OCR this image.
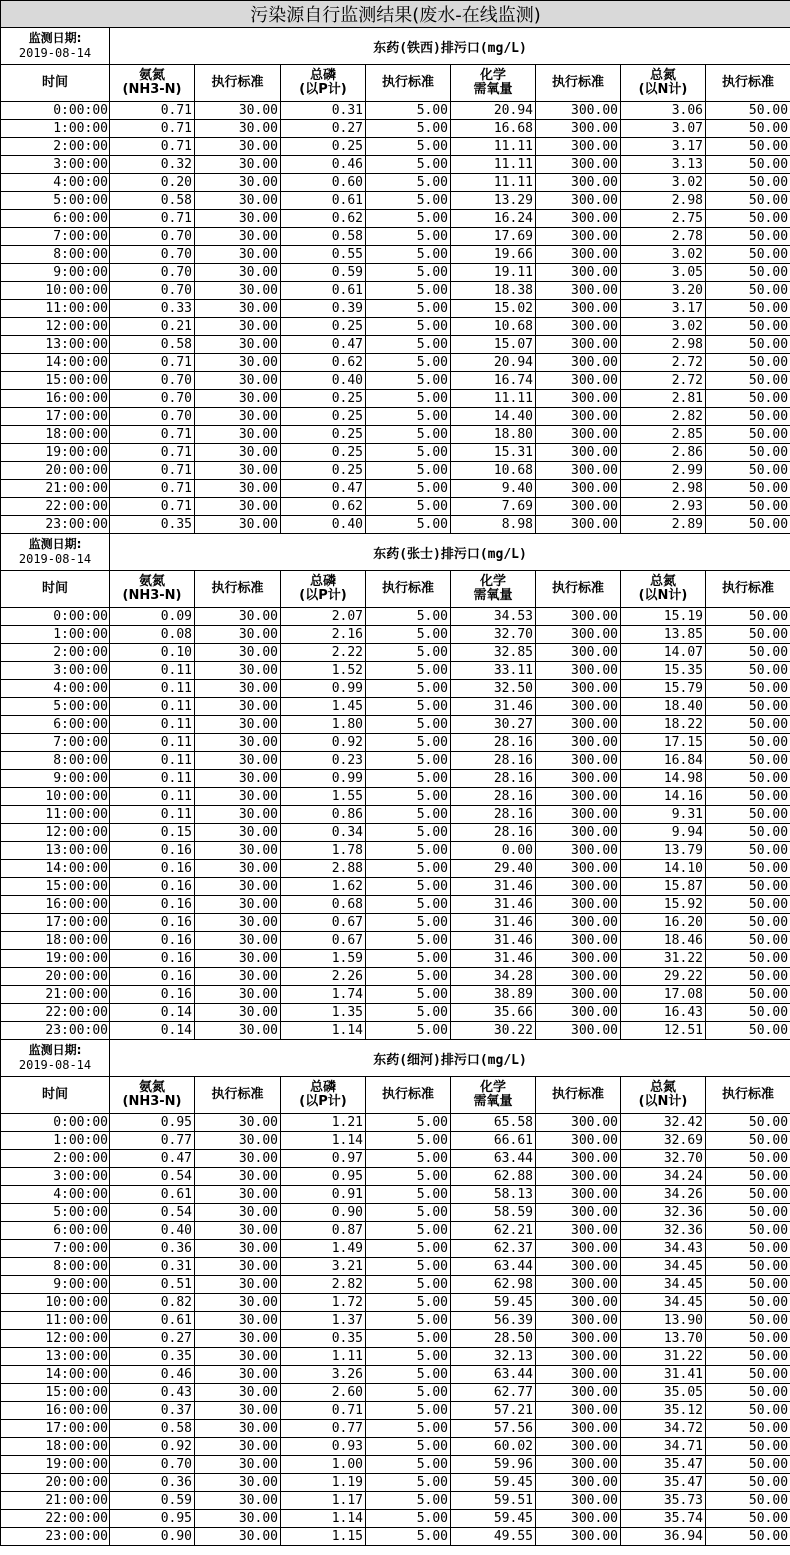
污染源自行监测结果(废水-在线监测)								

监测日期:
2019-08-14	东药(铁西)排污口(mg/L)							
时间	氨氮
(NH3-N)	执行标准	总磷
(以P计)	执行标准	化学
需氧量	执行标准	总氮
(以N计)	执行标准
0:00:00	0.71	30.00	0.31	5.00	20.94	300.00	3.06	50.00
1:00:00	0.71	30.00	0.27	5.00	16.68	300.00	3.07	50.00
2:00:00	0.71	30.00	0.25	5.00	11.11	300.00	3.17	50.00
3:00:00	0.32	30.00	0.46	5.00	11.11	300.00	3.13	50.00
4:00:00	0.20	30.00	0.60	5.00	11.11	300.00	3.02	50.00
5:00:00	0.58	30.00	0.61	5.00	13.29	300.00	2.98	50.00
6:00:00	0.71	30.00	0.62	5.00	16.24	300.00	2.75	50.00
7:00:00	0.70	30.00	0.58	5.00	17.69	300.00	2.78	50.00
8:00:00	0.70	30.00	0.55	5.00	19.66	300.00	3.02	50.00
9:00:00	0.70	30.00	0.59	5.00	19.11	300.00	3.05	50.00
10:00:00	0.70	30.00	0.61	5.00	18.38	300.00	3.20	50.00
11:00:00	0.33	30.00	0.39	5.00	15.02	300.00	3.17	50.00
12:00:00	0.21	30.00	0.25	5.00	10.68	300.00	3.02	50.00
13:00:00	0.58	30.00	0.47	5.00	15.07	300.00	2.98	50.00
14:00:00	0.71	30.00	0.62	5.00	20.94	300.00	2.72	50.00
15:00:00	0.70	30.00	0.40	5.00	16.74	300.00	2.72	50.00
16:00:00	0.70	30.00	0.25	5.00	11.11	300.00	2.81	50.00
17:00:00	0.70	30.00	0.25	5.00	14.40	300.00	2.82	50.00
18:00:00	0.71	30.00	0.25	5.00	18.80	300.00	2.85	50.00
19:00:00	0.71	30.00	0.25	5.00	15.31	300.00	2.86	50.00
20:00:00	0.71	30.00	0.25	5.00	10.68	300.00	2.99	50.00
21:00:00	0.71	30.00	0.47	5.00	9.40	300.00	2.98	50.00
22:00:00	0.71	30.00	0.62	5.00	7.69	300.00	2.93	50.00
23:00:00	0.35	30.00	0.40	5.00	8.98	300.00	2.89	50.00

监测日期:
2019-08-14	东药(张士)排污口(mg/L)							
时间	氨氮
(NH3-N)	执行标准	总磷
(以P计)	执行标准	化学
需氧量	执行标准	总氮
(以N计)	执行标准
0:00:00	0.09	30.00	2.07	5.00	34.53	300.00	15.19	50.00
1:00:00	0.08	30.00	2.16	5.00	32.70	300.00	13.85	50.00
2:00:00	0.10	30.00	2.22	5.00	32.85	300.00	14.07	50.00
3:00:00	0.11	30.00	1.52	5.00	33.11	300.00	15.35	50.00
4:00:00	0.11	30.00	0.99	5.00	32.50	300.00	15.79	50.00
5:00:00	0.11	30.00	1.45	5.00	31.46	300.00	18.40	50.00
6:00:00	0.11	30.00	1.80	5.00	30.27	300.00	18.22	50.00
7:00:00	0.11	30.00	0.92	5.00	28.16	300.00	17.15	50.00
8:00:00	0.11	30.00	0.23	5.00	28.16	300.00	16.84	50.00
9:00:00	0.11	30.00	0.99	5.00	28.16	300.00	14.98	50.00
10:00:00	0.11	30.00	1.55	5.00	28.16	300.00	14.16	50.00
11:00:00	0.11	30.00	0.86	5.00	28.16	300.00	9.31	50.00
12:00:00	0.15	30.00	0.34	5.00	28.16	300.00	9.94	50.00
13:00:00	0.16	30.00	1.78	5.00	0.00	300.00	13.79	50.00
14:00:00	0.16	30.00	2.88	5.00	29.40	300.00	14.10	50.00
15:00:00	0.16	30.00	1.62	5.00	31.46	300.00	15.87	50.00
16:00:00	0.16	30.00	0.68	5.00	31.46	300.00	15.92	50.00
17:00:00	0.16	30.00	0.67	5.00	31.46	300.00	16.20	50.00
18:00:00	0.16	30.00	0.67	5.00	31.46	300.00	18.46	50.00
19:00:00	0.16	30.00	1.59	5.00	31.46	300.00	31.22	50.00
20:00:00	0.16	30.00	2.26	5.00	34.28	300.00	29.22	50.00
21:00:00	0.16	30.00	1.74	5.00	38.89	300.00	17.08	50.00
22:00:00	0.14	30.00	1.35	5.00	35.66	300.00	16.43	50.00
23:00:00	0.14	30.00	1.14	5.00	30.22	300.00	12.51	50.00

监测日期:
2019-08-14	东药(细河)排污口(mg/L)							
时间	氨氮
(NH3-N)	执行标准	总磷
(以P计)	执行标准	化学
需氧量	执行标准	总氮
(以N计)	执行标准
0:00:00	0.95	30.00	1.21	5.00	65.58	300.00	32.42	50.00
1:00:00	0.77	30.00	1.14	5.00	66.61	300.00	32.69	50.00
2:00:00	0.47	30.00	0.97	5.00	63.44	300.00	32.70	50.00
3:00:00	0.54	30.00	0.95	5.00	62.88	300.00	34.24	50.00
4:00:00	0.61	30.00	0.91	5.00	58.13	300.00	34.26	50.00
5:00:00	0.54	30.00	0.90	5.00	58.59	300.00	32.36	50.00
6:00:00	0.40	30.00	0.87	5.00	62.21	300.00	32.36	50.00
7:00:00	0.36	30.00	1.49	5.00	62.37	300.00	34.43	50.00
8:00:00	0.31	30.00	3.21	5.00	63.44	300.00	34.45	50.00
9:00:00	0.51	30.00	2.82	5.00	62.98	300.00	34.45	50.00
10:00:00	0.82	30.00	1.72	5.00	59.45	300.00	34.45	50.00
11:00:00	0.61	30.00	1.37	5.00	56.39	300.00	13.90	50.00
12:00:00	0.27	30.00	0.35	5.00	28.50	300.00	13.70	50.00
13:00:00	0.35	30.00	1.11	5.00	32.13	300.00	31.22	50.00
14:00:00	0.46	30.00	3.26	5.00	63.44	300.00	31.41	50.00
15:00:00	0.43	30.00	2.60	5.00	62.77	300.00	35.05	50.00
16:00:00	0.37	30.00	0.71	5.00	57.21	300.00	35.12	50.00
17:00:00	0.58	30.00	0.77	5.00	57.56	300.00	34.72	50.00
18:00:00	0.92	30.00	0.93	5.00	60.02	300.00	34.71	50.00
19:00:00	0.70	30.00	1.00	5.00	59.96	300.00	35.47	50.00
20:00:00	0.36	30.00	1.19	5.00	59.45	300.00	35.47	50.00
21:00:00	0.59	30.00	1.17	5.00	59.51	300.00	35.73	50.00
22:00:00	0.95	30.00	1.14	5.00	59.45	300.00	35.74	50.00
23:00:00	0.90	30.00	1.15	5.00	49.55	300.00	36.94	50.00
